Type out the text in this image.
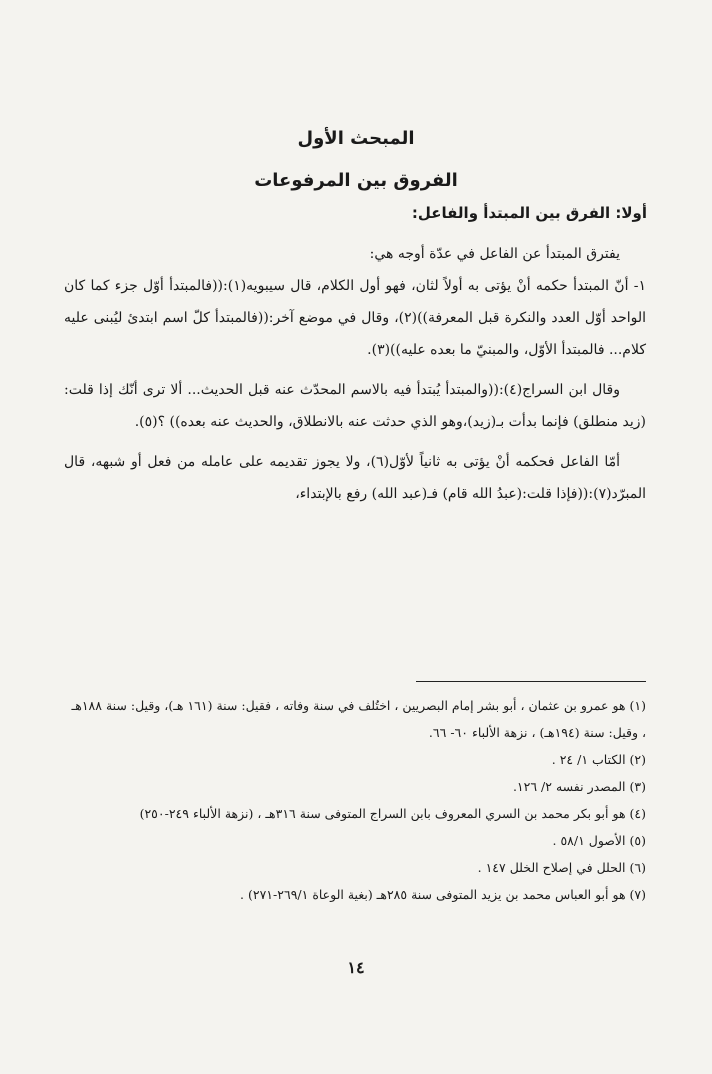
المبحث الأول
الفروق بين المرفوعات
أولا: الفرق بين المبتدأ والفاعل:

يفترق المبتدأ عن الفاعل في عدّة أوجه هي:

١- أنّ المبتدأ حكمه أنْ يؤتى به أولاً لثان، فهو أول الكلام، قال سيبويه(١):((فالمبتدأ أوّل جزء كما كان الواحد أوّل العدد والنكرة قبل المعرفة))(٢)، وقال في موضع آخر:((فالمبتدأ كلّ اسم ابتدئ ليُبنى عليه كلام... فالمبتدأ الأوّل، والمبنيّ ما بعده عليه))(٣).

وقال ابن السراج(٤):((والمبتدأ يُبتدأ فيه بالاسم المحدّث عنه قبل الحديث... ألا ترى أنّك إذا قلت:(زيد منطلق) فإنما بدأت بـ(زيد)،وهو الذي حدثت عنه بالانطلاق، والحديث عنه بعده)) ؟(٥).

أمّا الفاعل فحكمه أنْ يؤتى به ثانياً لأوّل(٦)، ولا يجوز تقديمه على عامله من فعل أو شبهه، قال المبرّد(٧):((فإذا قلت:(عبدُ الله قام) فـ(عبد الله) رفع بالإبتداء،

(١) هو عمرو بن عثمان ، أبو بشر إمام البصريين ، اختُلف في سنة وفاته ، فقيل: سنة (١٦١ هـ)، وقيل: سنة ١٨٨هـ ، وقيل: سنة (١٩٤هـ) ، نزهة الألباء ٦٠- ٦٦.
(٢) الكتاب ١/ ٢٤ .
(٣) المصدر نفسه ٢/ ١٢٦.
(٤) هو أبو بكر محمد بن السري المعروف بابن السراج المتوفى سنة ٣١٦هـ ، (نزهة الألباء ٢٤٩-٢٥٠)
(٥) الأصول ٥٨/١ .
(٦) الحلل في إصلاح الخلل ١٤٧ .
(٧) هو أبو العباس محمد بن يزيد المتوفى سنة ٢٨٥هـ (بغية الوعاة ٢٦٩/١-٢٧١) .
١٤
